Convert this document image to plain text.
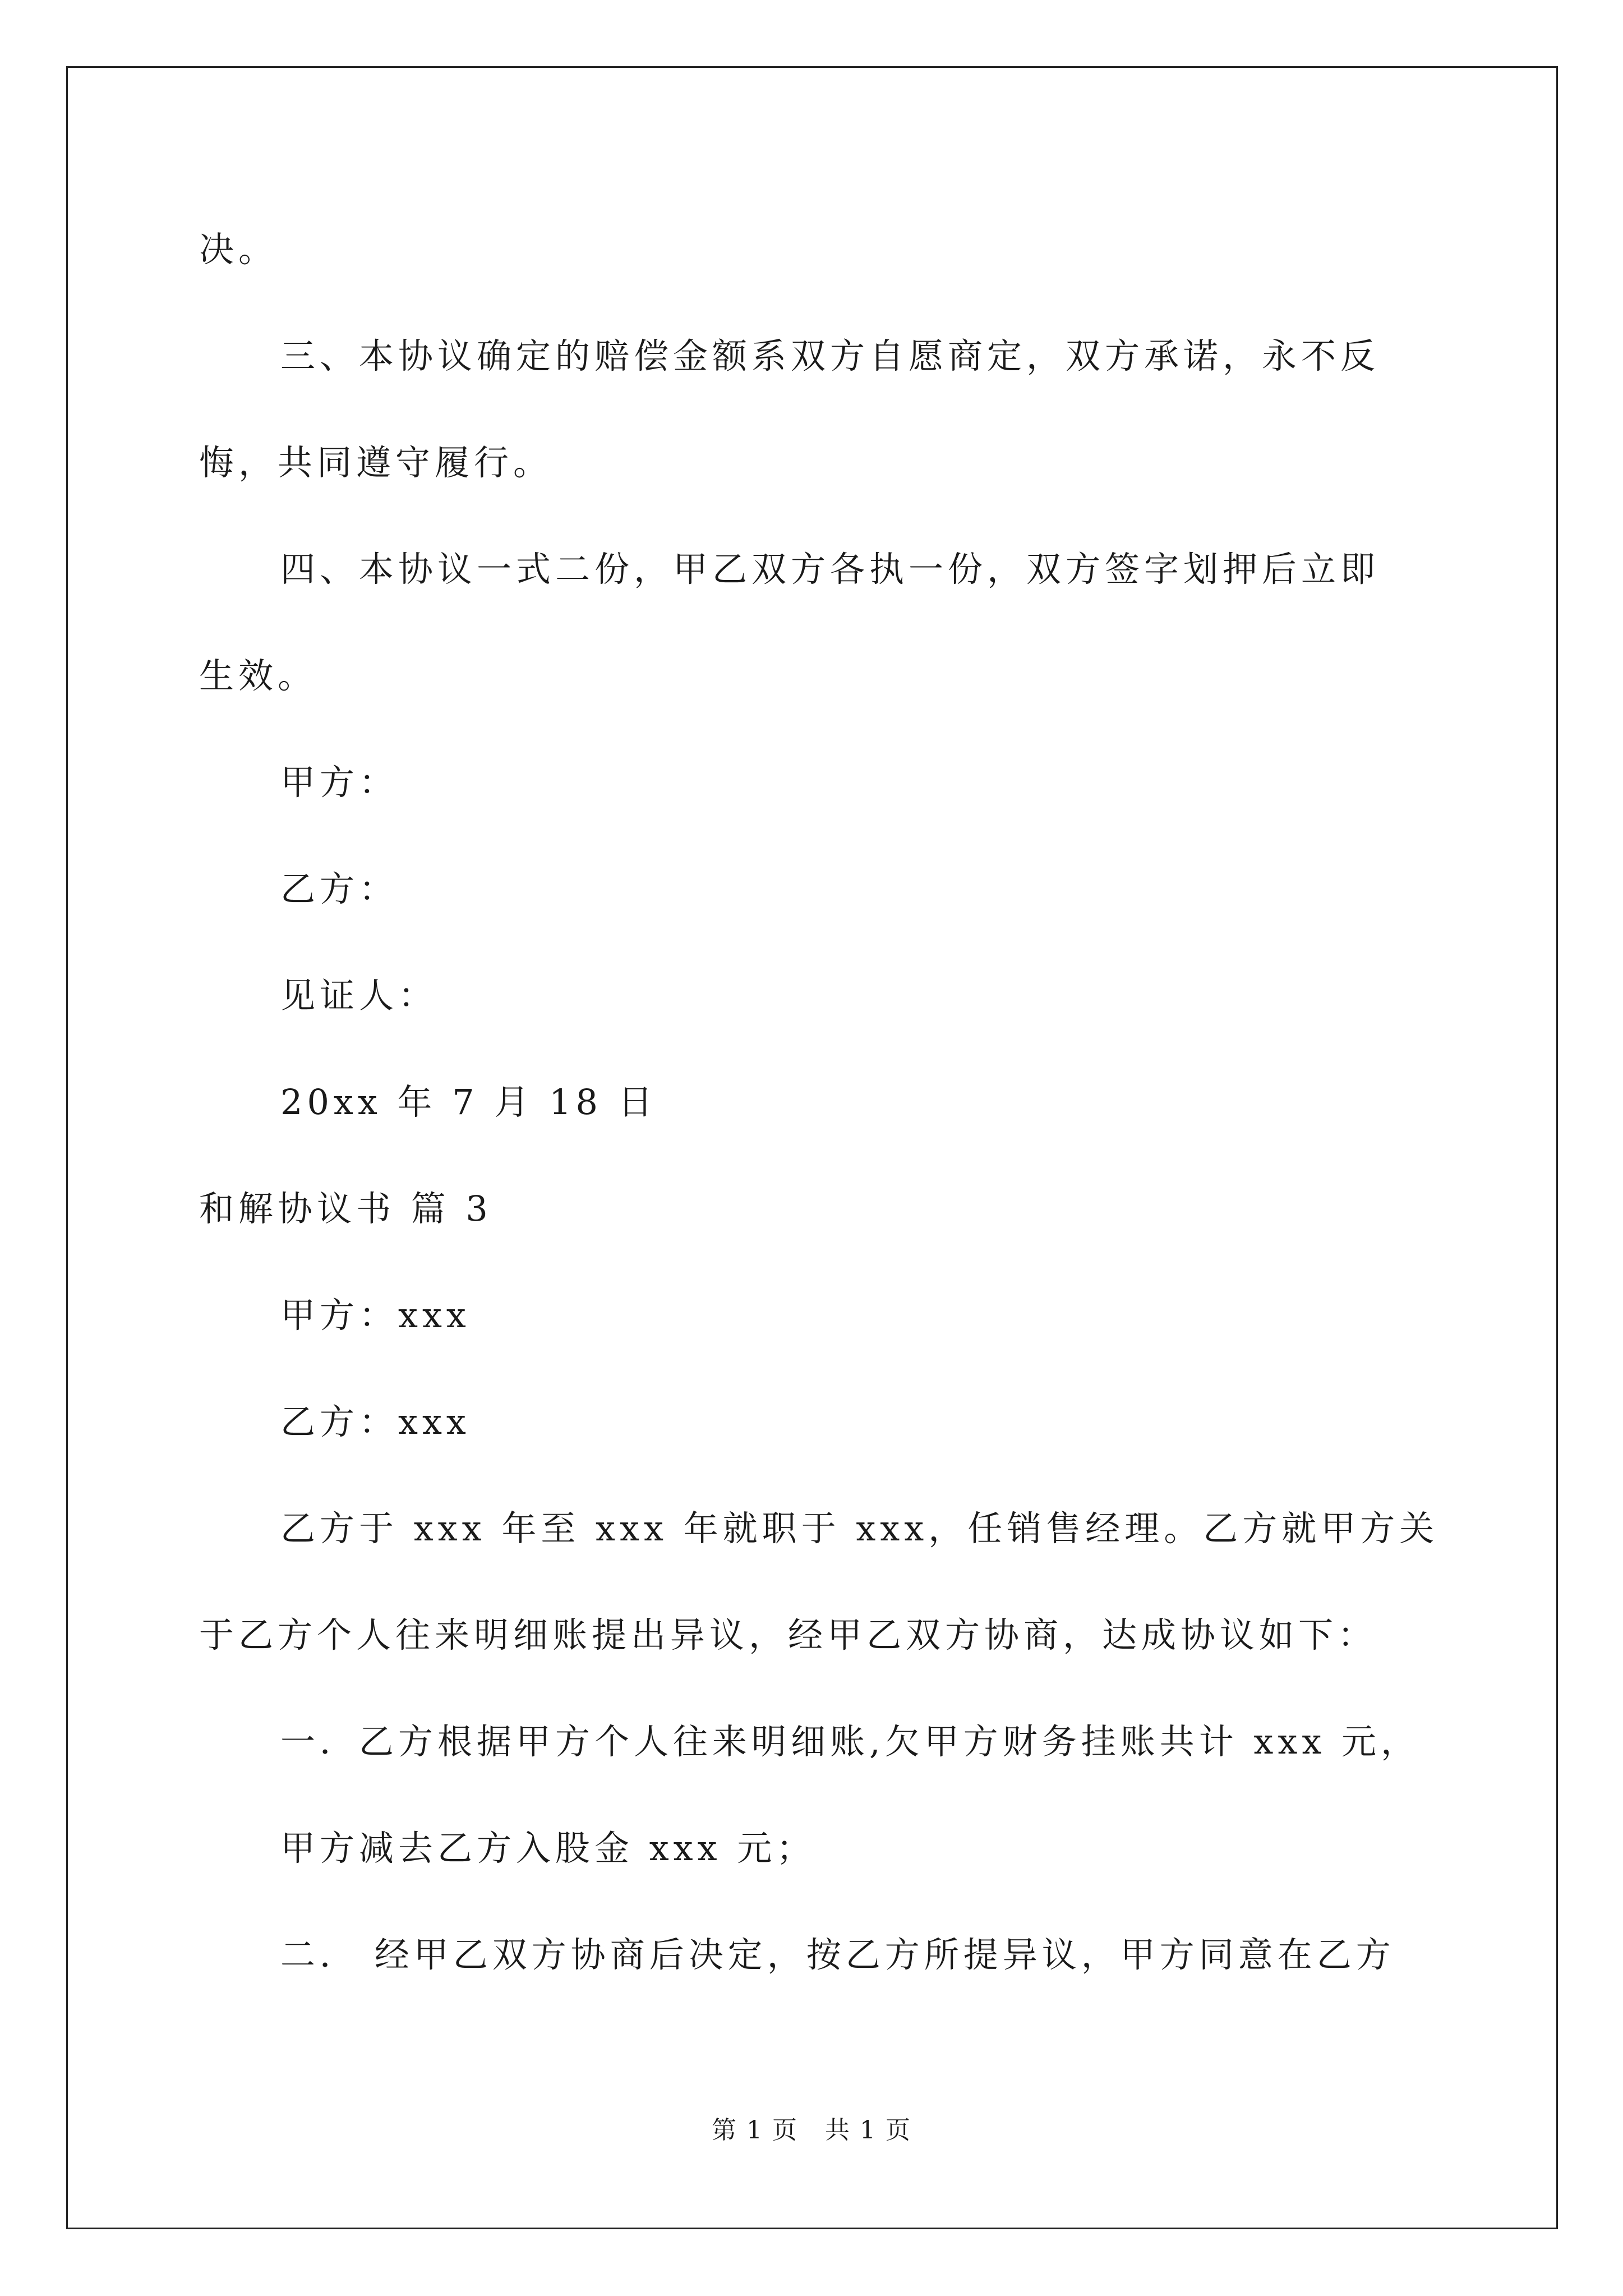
决。
三、本协议确定的赔偿金额系双方自愿商定，双方承诺，永不反
悔，共同遵守履行。
四、本协议一式二份，甲乙双方各执一份，双方签字划押后立即
生效。
甲方：
乙方：
见证人：
20xx 年 7 月 18 日
和解协议书 篇 3
甲方：xxx
乙方：xxx
乙方于 xxx 年至 xxx 年就职于 xxx，任销售经理。乙方就甲方关
于乙方个人往来明细账提出异议，经甲乙双方协商，达成协议如下：
一．乙方根据甲方个人往来明细账,欠甲方财务挂账共计 xxx 元，
甲方减去乙方入股金 xxx 元；
二． 经甲乙双方协商后决定，按乙方所提异议，甲方同意在乙方
第 1 页   共 1 页
